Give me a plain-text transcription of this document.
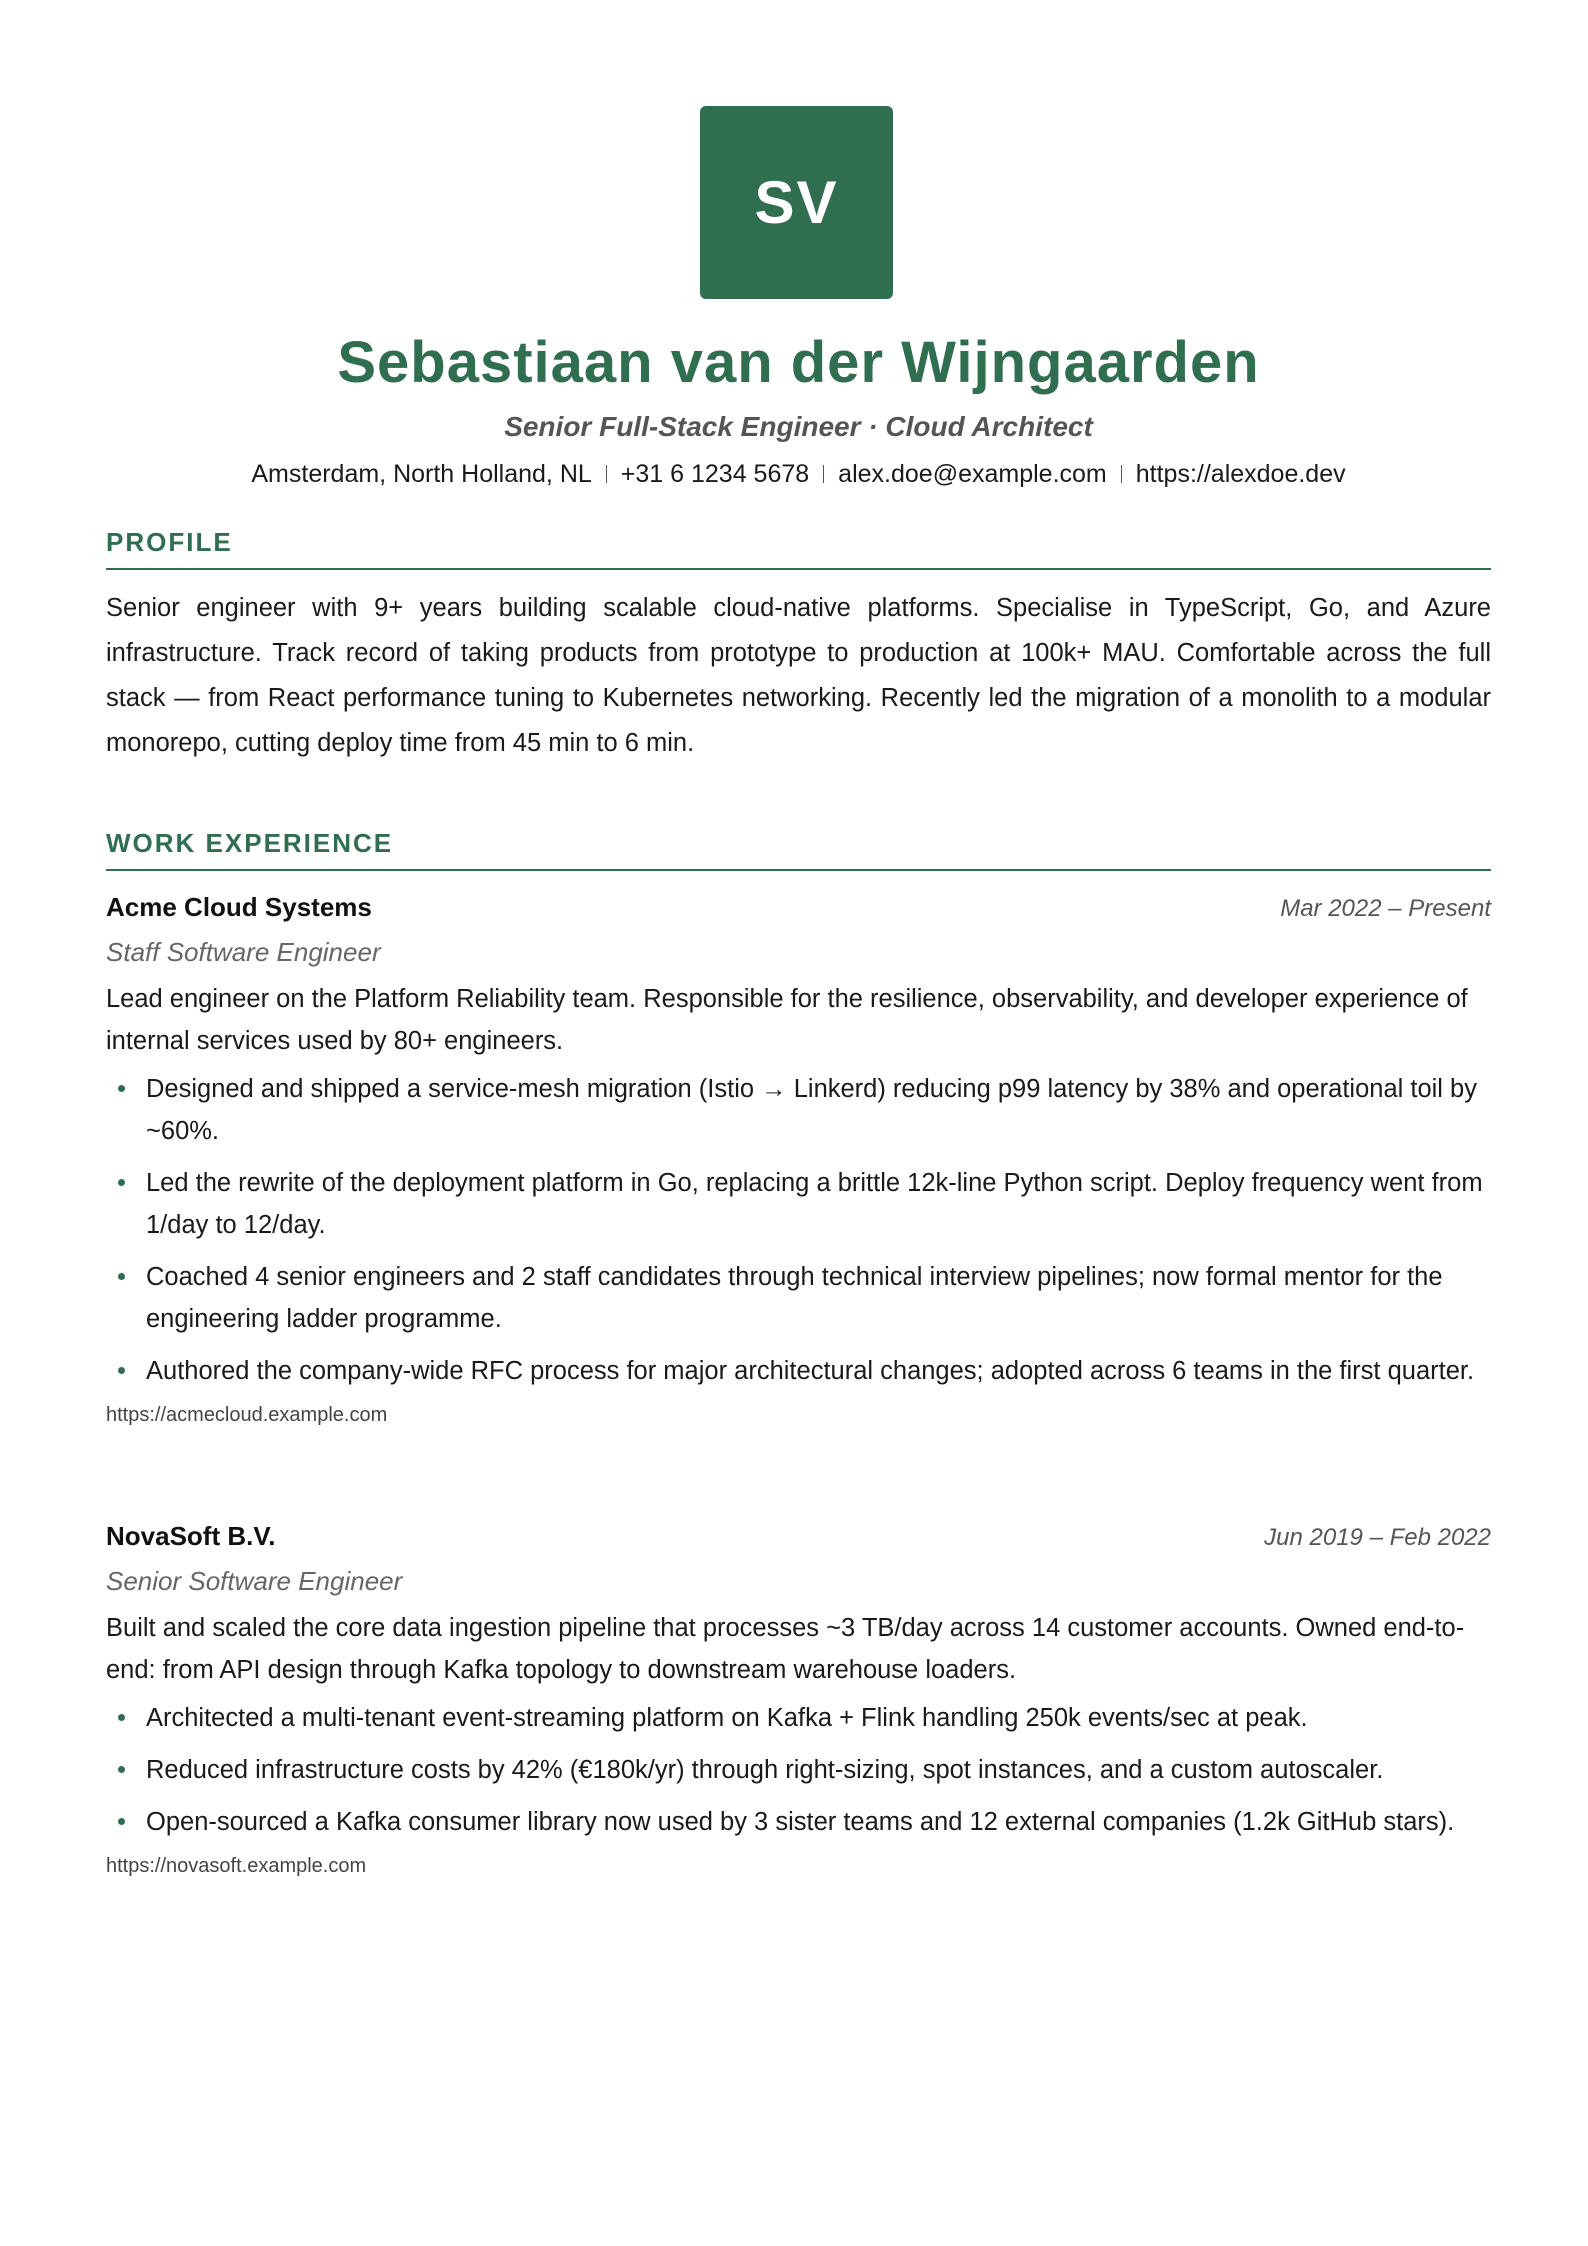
SV
Sebastiaan van der Wijngaarden
Senior Full-Stack Engineer · Cloud Architect
Amsterdam, North Holland, NL +31 6 1234 5678 alex.doe@example.com https://alexdoe.dev
PROFILE

Senior engineer with 9+ years building scalable cloud-native platforms. Specialise in TypeScript, Go, and Azure infrastructure. Track record of taking products from prototype to production at 100k+ MAU. Comfortable across the full stack — from React performance tuning to Kubernetes networking. Recently led the migration of a monolith to a modular monorepo, cutting deploy time from 45 min to 6 min.

WORK EXPERIENCE
Acme Cloud Systems	Mar 2022 – Present
Staff Software Engineer

Lead engineer on the Platform Reliability team. Responsible for the resilience, observability, and developer experience of internal services used by 80+ engineers.

Designed and shipped a service-mesh migration (Istio → Linkerd) reducing p99 latency by 38% and operational toil by ~60%.
Led the rewrite of the deployment platform in Go, replacing a brittle 12k-line Python script. Deploy frequency went from 1/day to 12/day.
Coached 4 senior engineers and 2 staff candidates through technical interview pipelines; now formal mentor for the engineering ladder programme.
Authored the company-wide RFC process for major architectural changes; adopted across 6 teams in the first quarter.
https://acmecloud.example.com
NovaSoft B.V.	Jun 2019 – Feb 2022
Senior Software Engineer

Built and scaled the core data ingestion pipeline that processes ~3 TB/day across 14 customer accounts. Owned end-to-end: from API design through Kafka topology to downstream warehouse loaders.

Architected a multi-tenant event-streaming platform on Kafka + Flink handling 250k events/sec at peak.
Reduced infrastructure costs by 42% (€180k/yr) through right-sizing, spot instances, and a custom autoscaler.
Open-sourced a Kafka consumer library now used by 3 sister teams and 12 external companies (1.2k GitHub stars).
https://novasoft.example.com
